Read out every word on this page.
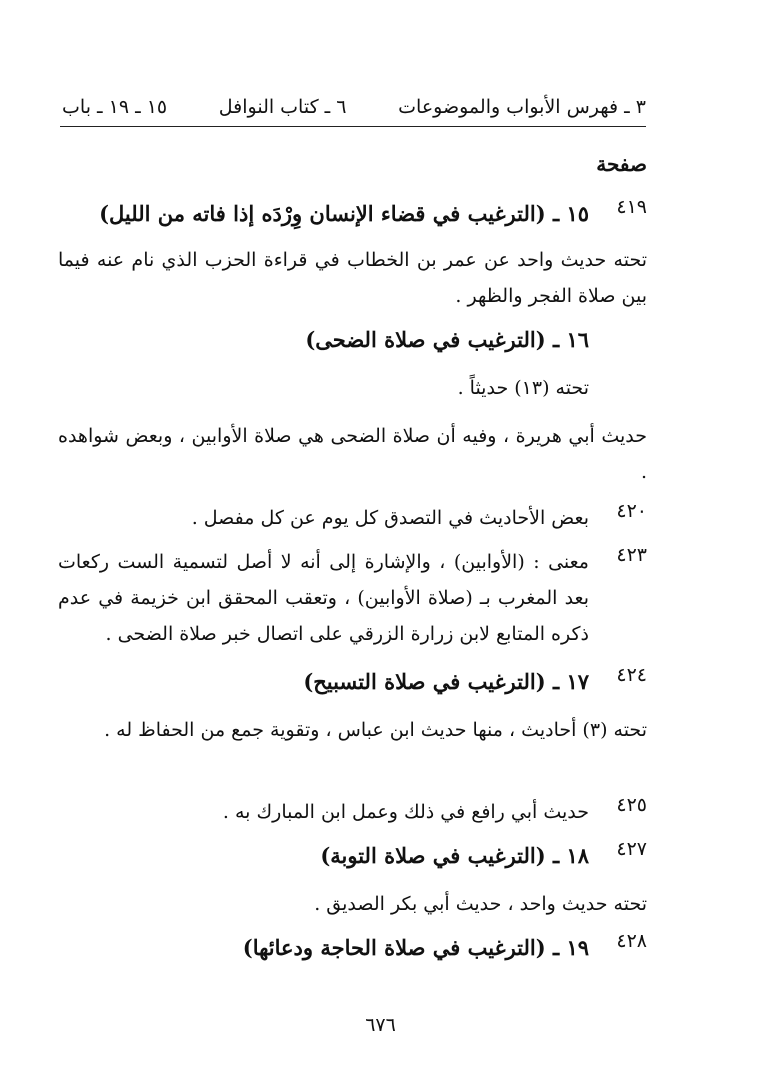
٣ ـ فهرس الأبواب والموضوعات
٦ ـ كتاب النوافل
١٥ ـ ١٩ ـ باب
صفحة
٤١٩
١٥ ـ (الترغيب في قضاء الإنسان وِرْدَه إذا فاته من الليل)
تحته حديث واحد عن عمر بن الخطاب في قراءة الحزب الذي نام عنه فيما بين صلاة الفجر والظهر .
١٦ ـ (الترغيب في صلاة الضحى)
تحته (١٣) حديثاً .
حديث أبي هريرة ، وفيه أن صلاة الضحى هي صلاة الأوابين ، وبعض شواهده .
٤٢٠
بعض الأحاديث في التصدق كل يوم عن كل مفصل .
٤٢٣
معنى : (الأوابين) ، والإشارة إلى أنه لا أصل لتسمية الست ركعات بعد المغرب بـ (صلاة الأوابين) ، وتعقب المحقق ابن خزيمة في عدم ذكره المتابع لابن زرارة الزرقي على اتصال خبر صلاة الضحى .
٤٢٤
١٧ ـ (الترغيب في صلاة التسبيح)
تحته (٣) أحاديث ، منها حديث ابن عباس ، وتقوية جمع من الحفاظ له .
٤٢٥
حديث أبي رافع في ذلك وعمل ابن المبارك به .
٤٢٧
١٨ ـ (الترغيب في صلاة التوبة)
تحته حديث واحد ، حديث أبي بكر الصديق .
٤٢٨
١٩ ـ (الترغيب في صلاة الحاجة ودعائها)
٦٧٦
